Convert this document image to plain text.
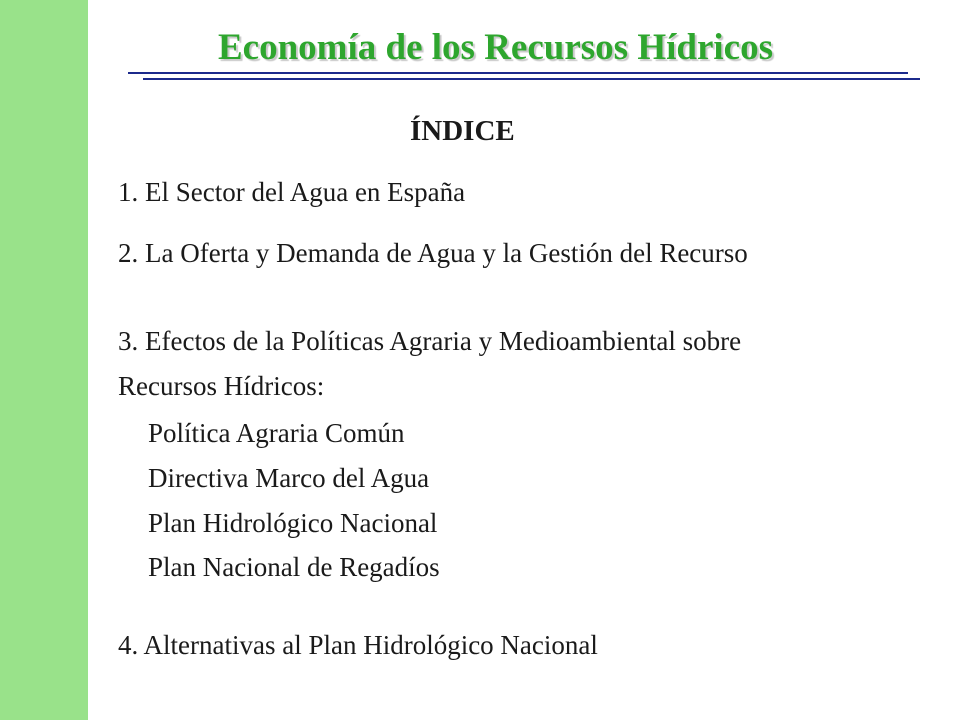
Economía de los Recursos Hídricos
ÍNDICE
1. El Sector del Agua en España
2. La Oferta y Demanda de Agua y la Gestión del Recurso
3. Efectos de la Políticas Agraria y Medioambiental sobre
Recursos Hídricos:
Política Agraria Común
Directiva Marco del Agua
Plan Hidrológico Nacional
Plan Nacional de Regadíos
4. Alternativas al Plan Hidrológico Nacional
